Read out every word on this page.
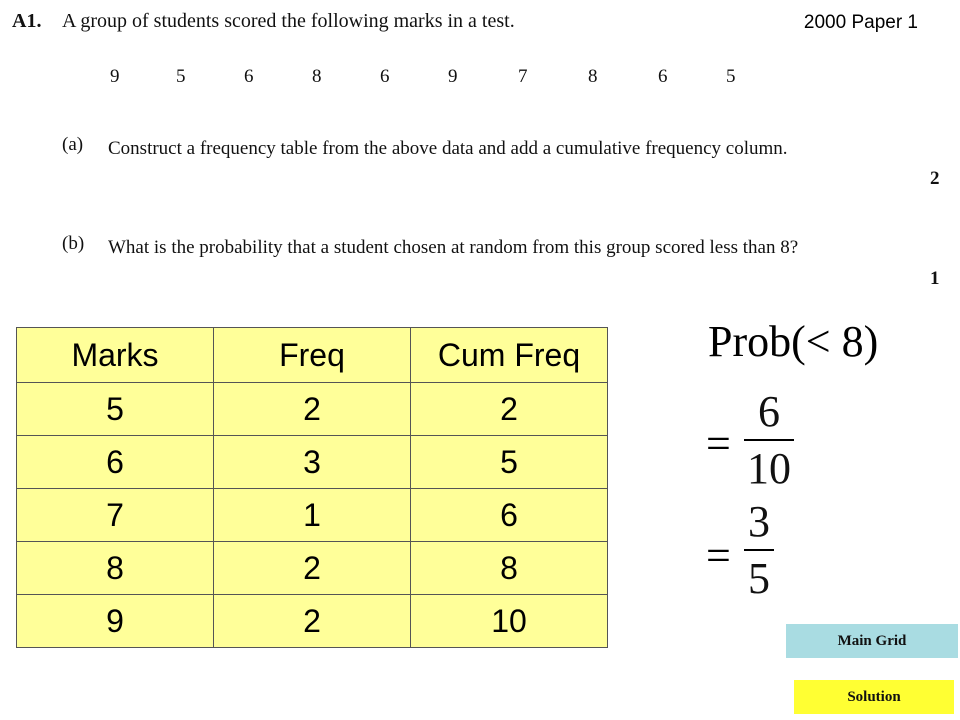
A1. A group of students scored the following marks in a test.	2000 Paper 1
9	5	6	8	6	9	7	8	6	5
(a) Construct a frequency table from the above data and add a cumulative frequency column.
2
(b) What is the probability that a student chosen at random from this group scored less than 8?
1
Marks	Freq	Cum Freq
5	2	2
6	3	5
7	1	6
8	2	8
9	2	10
Prob(< 8)
=
6
10
=
3
5
Main Grid
Solution
